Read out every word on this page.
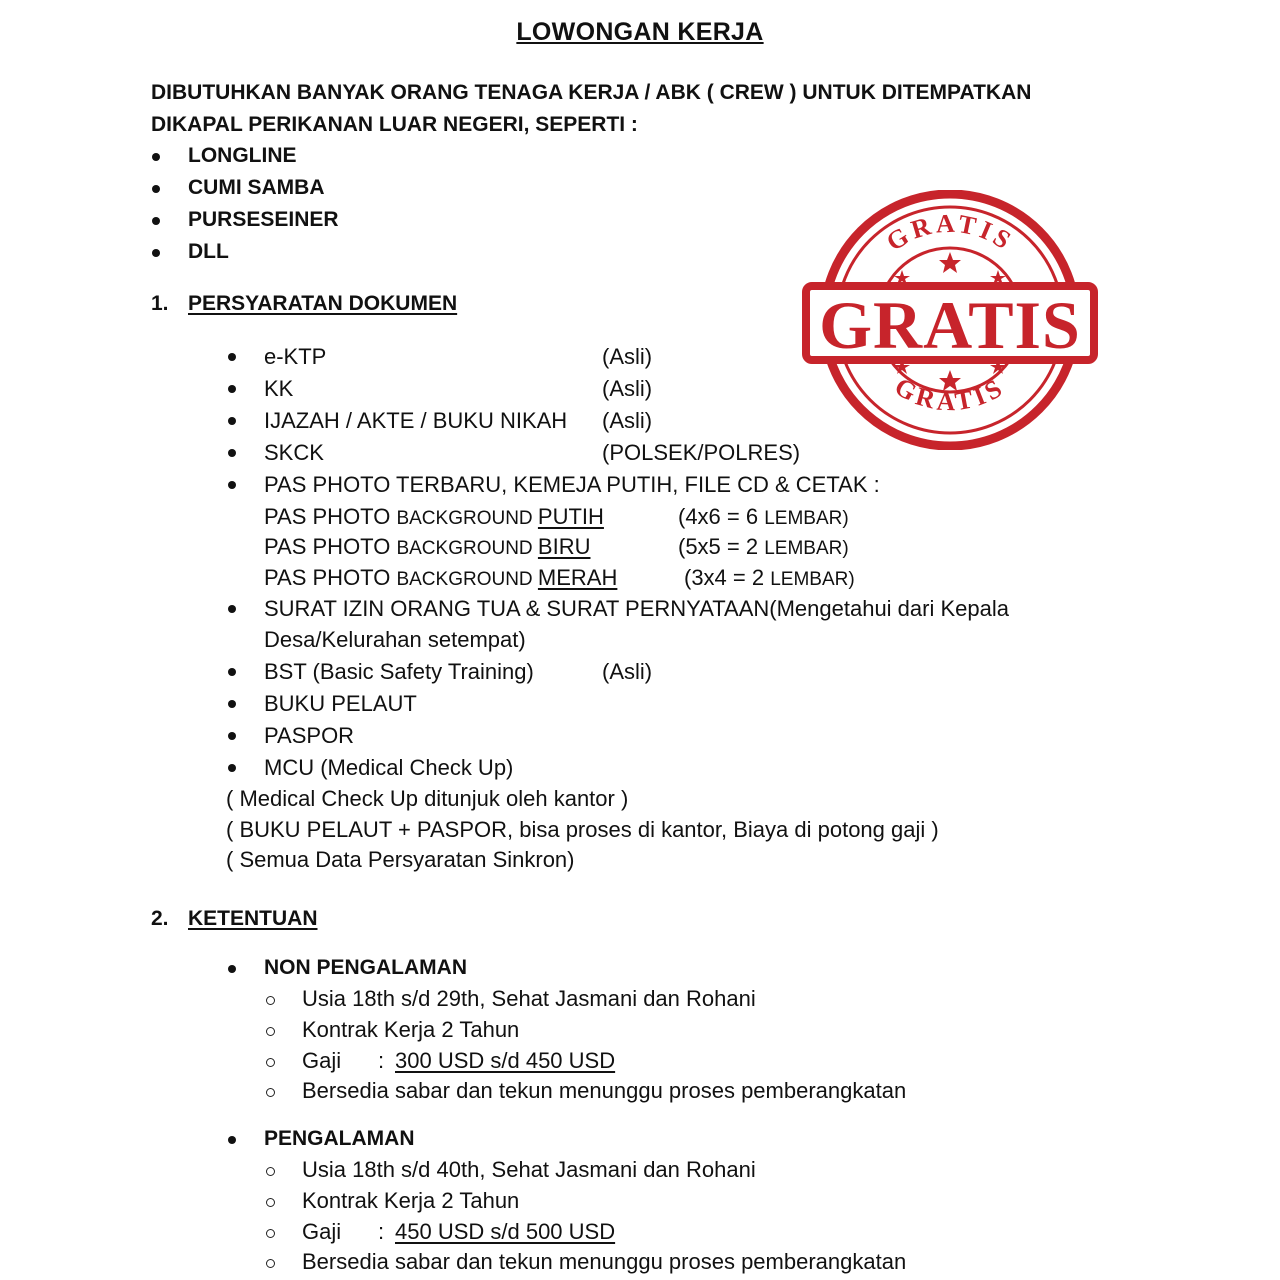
LOWONGAN KERJA
DIBUTUHKAN BANYAK ORANG TENAGA KERJA / ABK ( CREW ) UNTUK DITEMPATKAN
DIKAPAL PERIKANAN LUAR NEGERI, SEPERTI :
LONGLINE
CUMI SAMBA
PURSESEINER
DLL	GRATIS
GRATIS
GRATIS
1. PERSYARATAN DOKUMEN
e-KTP	(Asli)
KK	(Asli)
IJAZAH / AKTE / BUKU NIKAH (Asli)
SKCK	(POLSEK/POLRES)
PAS PHOTO TERBARU, KEMEJA PUTIH, FILE CD & CETAK :
PAS PHOTO BACKGROUND PUTIH	(4x6 = 6 LEMBAR)
PAS PHOTO BACKGROUND BIRU	(5x5 = 2 LEMBAR)
PAS PHOTO BACKGROUND MERAH	(3x4 = 2 LEMBAR)
SURAT IZIN ORANG TUA & SURAT PERNYATAAN(Mengetahui dari Kepala
Desa/Kelurahan setempat)
BST (Basic Safety Training)	(Asli)
BUKU PELAUT
PASPOR
MCU (Medical Check Up)
( Medical Check Up ditunjuk oleh kantor )
( BUKU PELAUT + PASPOR, bisa proses di kantor, Biaya di potong gaji )
( Semua Data Persyaratan Sinkron)
2. KETENTUAN
NON PENGALAMAN
Usia 18th s/d 29th, Sehat Jasmani dan Rohani
Kontrak Kerja 2 Tahun
Gaji : 300 USD s/d 450 USD
Bersedia sabar dan tekun menunggu proses pemberangkatan
PENGALAMAN
Usia 18th s/d 40th, Sehat Jasmani dan Rohani
Kontrak Kerja 2 Tahun
Gaji : 450 USD s/d 500 USD
Bersedia sabar dan tekun menunggu proses pemberangkatan
